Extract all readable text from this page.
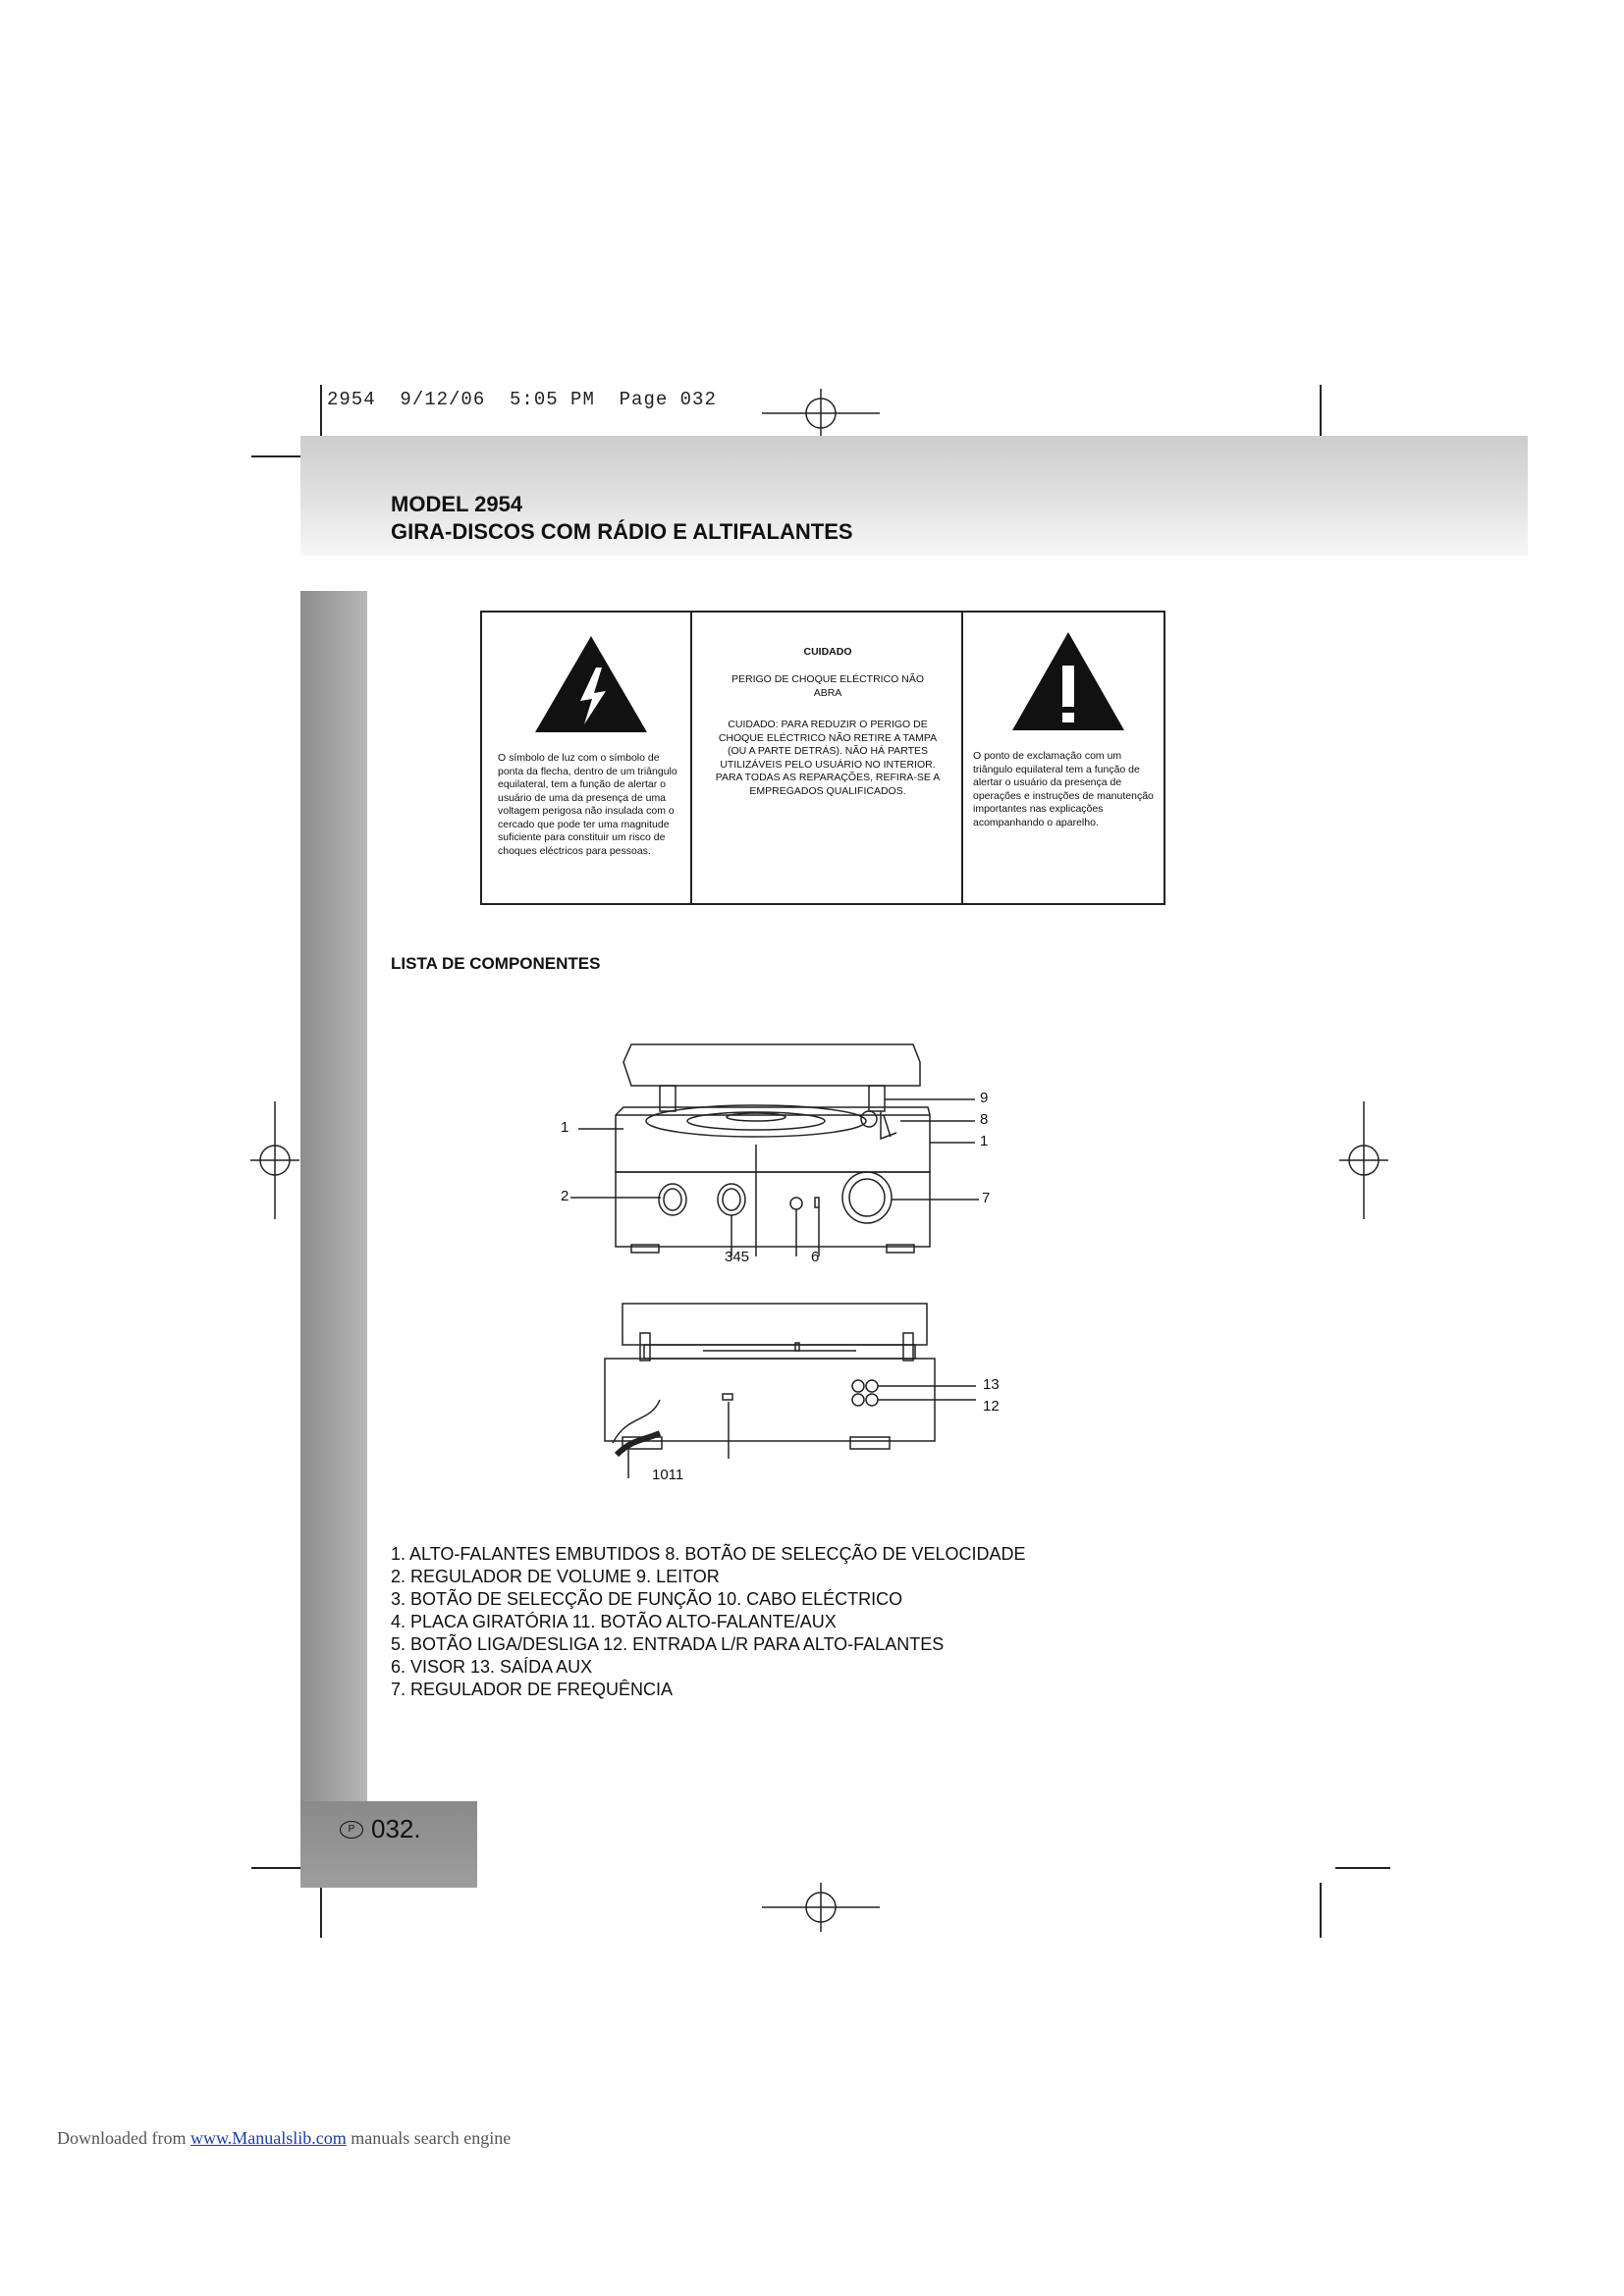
2954  9/12/06  5:05 PM  Page 032
P 032.
MODEL 2954
GIRA-DISCOS COM RÁDIO E ALTIFALANTES
O símbolo de luz com o símbolo de ponta da flecha, dentro de um triângulo equilateral, tem a função de alertar o usuário de uma da presença de uma voltagem perigosa não insulada com o cercado que pode ter uma magnitude suficiente para constituir um risco de choques eléctricos para pessoas.
CUIDADO
PERIGO DE CHOQUE ELÉCTRICO NÃO ABRA
CUIDADO: PARA REDUZIR O PERIGO DE CHOQUE ELÉCTRICO NÃO RETIRE A TAMPA (OU A PARTE DETRÁS). NÃO HÁ PARTES UTILIZÁVEIS PELO USUÁRIO NO INTERIOR. PARA TODAS AS REPARAÇÕES, REFIRA-SE A EMPREGADOS QUALIFICADOS.
O ponto de exclamação com um triângulo equilateral tem a função de alertar o usuário da presença de operações e instruções de manutenção importantes nas explicações acompanhando o aparelho.
LISTA DE COMPONENTES
1
2
345	6
7
9
8
1
13
12
1011
1. ALTO-FALANTES EMBUTIDOS 8. BOTÃO DE SELECÇÃO DE VELOCIDADE
2. REGULADOR DE VOLUME 9. LEITOR
3. BOTÃO DE SELECÇÃO DE FUNÇÃO 10. CABO ELÉCTRICO
4. PLACA GIRATÓRIA 11. BOTÃO ALTO-FALANTE/AUX
5. BOTÃO LIGA/DESLIGA 12. ENTRADA L/R PARA ALTO-FALANTES
6. VISOR 13. SAÍDA AUX
7. REGULADOR DE FREQUÊNCIA
Downloaded from www.Manualslib.com manuals search engine
